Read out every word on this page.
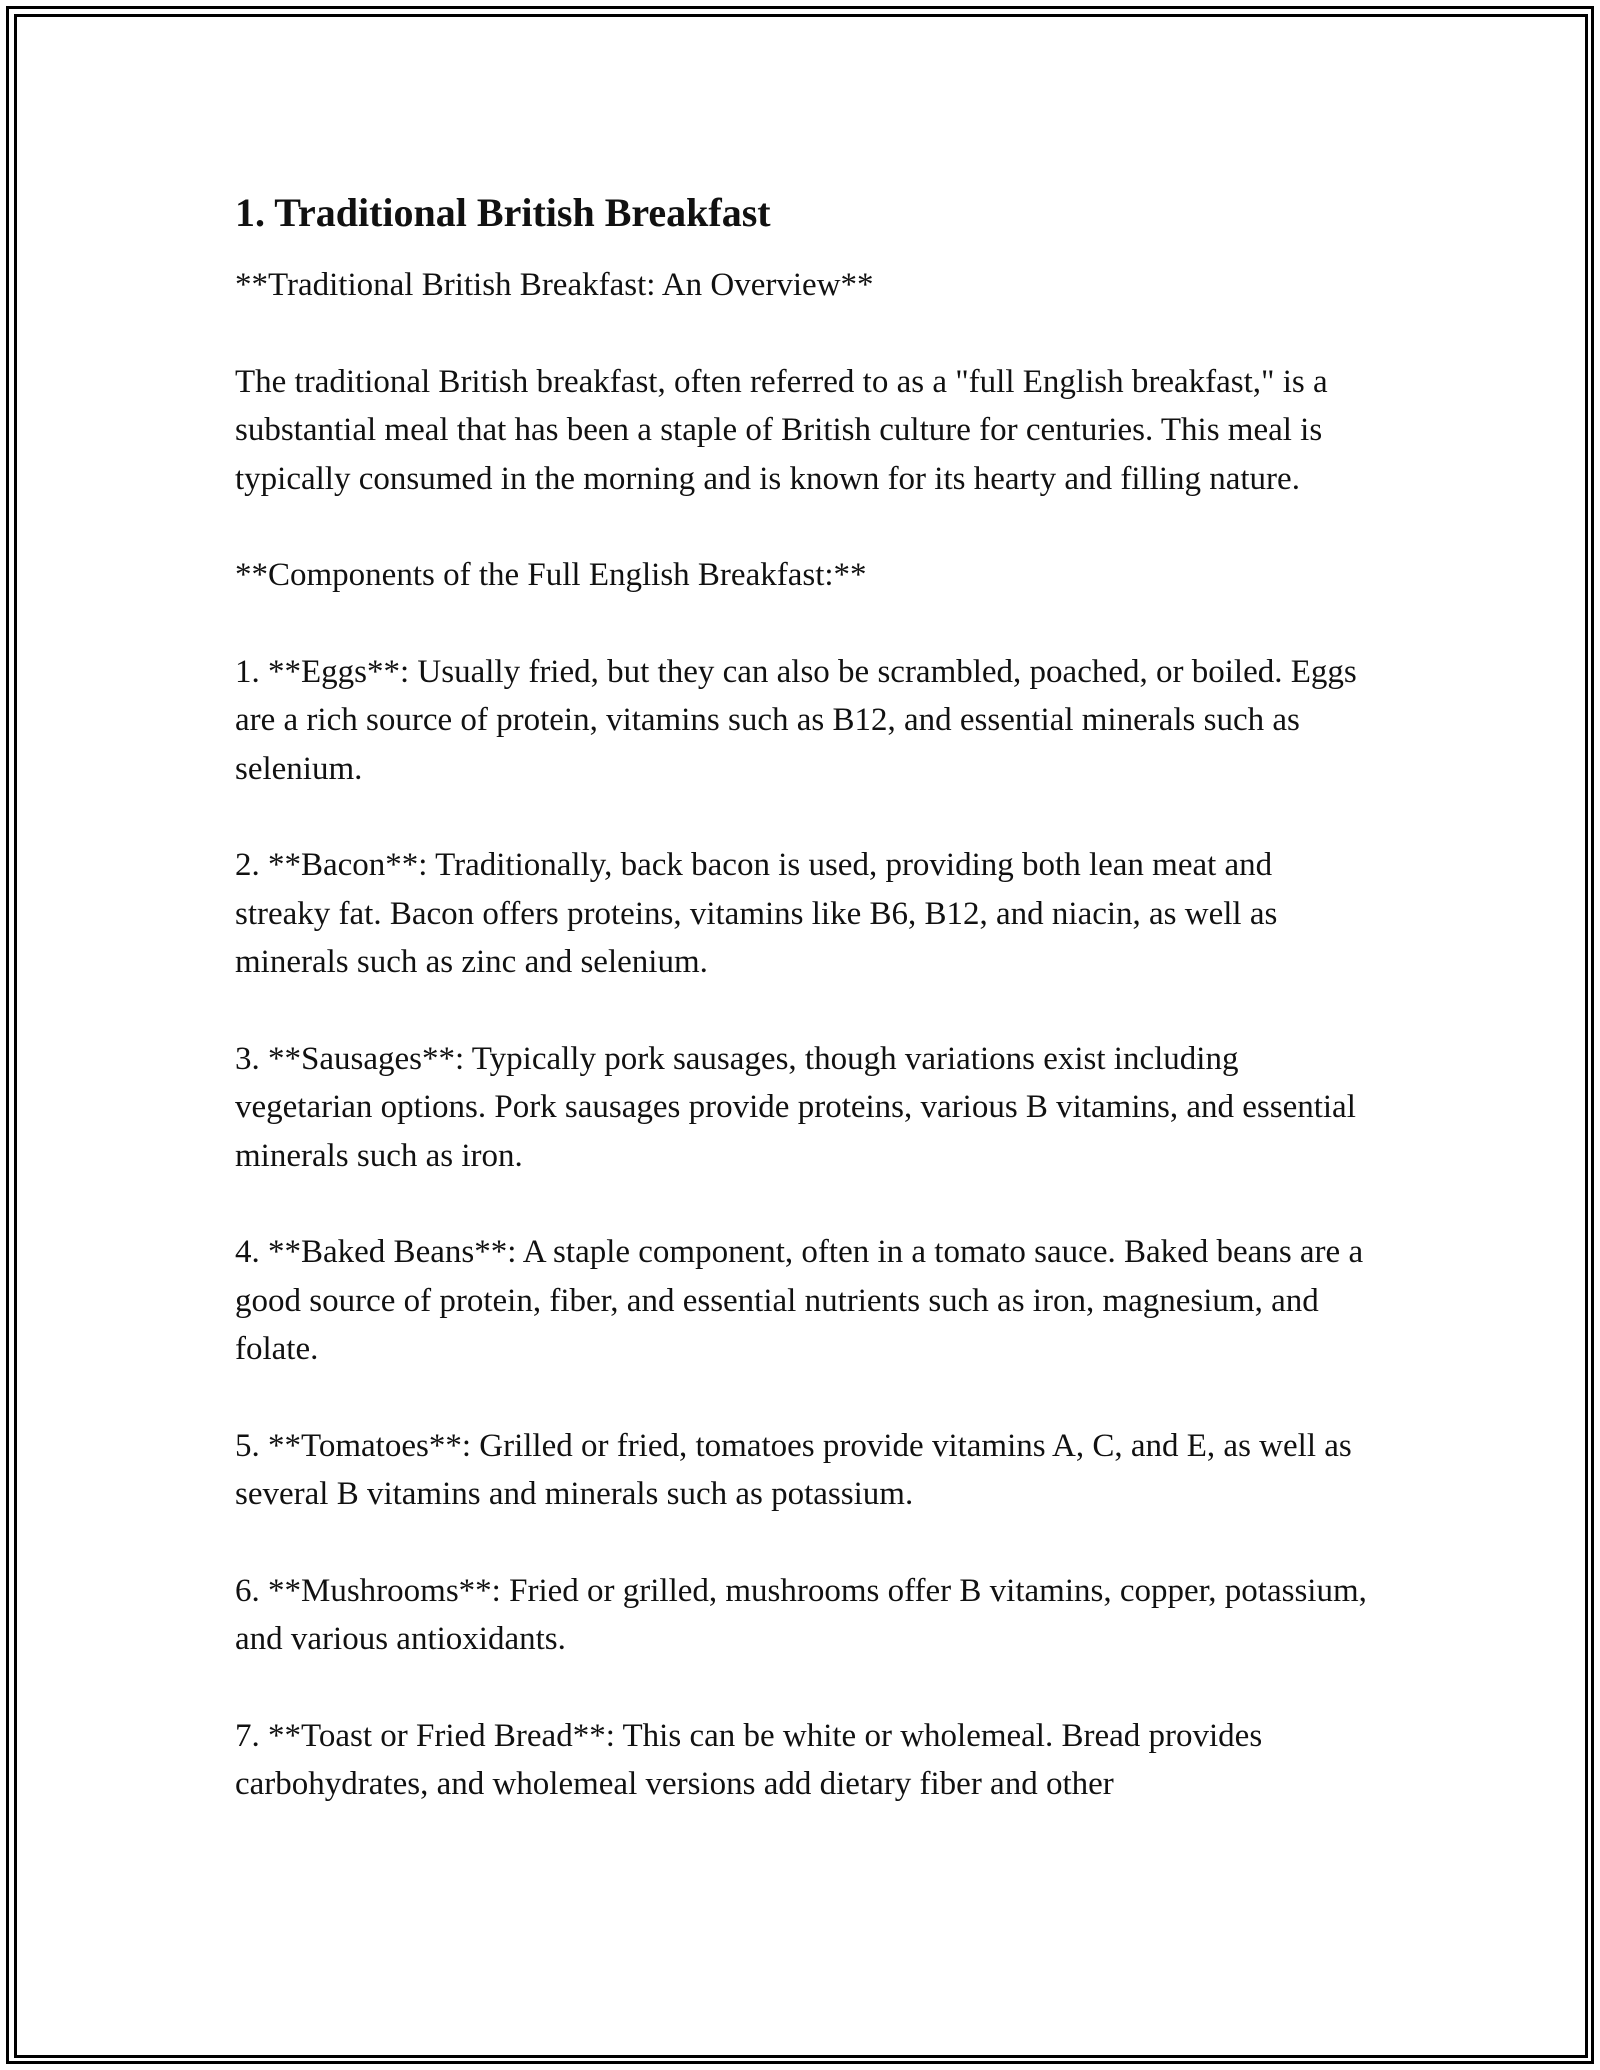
1. Traditional British Breakfast

**Traditional British Breakfast: An Overview**

The traditional British breakfast, often referred to as a "full English breakfast," is a substantial meal that has been a staple of British culture for centuries. This meal is typically consumed in the morning and is known for its hearty and filling nature.

**Components of the Full English Breakfast:**

1. **Eggs**: Usually fried, but they can also be scrambled, poached, or boiled. Eggs are a rich source of protein, vitamins such as B12, and essential minerals such as selenium.

2. **Bacon**: Traditionally, back bacon is used, providing both lean meat and streaky fat. Bacon offers proteins, vitamins like B6, B12, and niacin, as well as minerals such as zinc and selenium.

3. **Sausages**: Typically pork sausages, though variations exist including vegetarian options. Pork sausages provide proteins, various B vitamins, and essential minerals such as iron.

4. **Baked Beans**: A staple component, often in a tomato sauce. Baked beans are a good source of protein, fiber, and essential nutrients such as iron, magnesium, and folate.

5. **Tomatoes**: Grilled or fried, tomatoes provide vitamins A, C, and E, as well as several B vitamins and minerals such as potassium.

6. **Mushrooms**: Fried or grilled, mushrooms offer B vitamins, copper, potassium, and various antioxidants.

7. **Toast or Fried Bread**: This can be white or wholemeal. Bread provides carbohydrates, and wholemeal versions add dietary fiber and other
